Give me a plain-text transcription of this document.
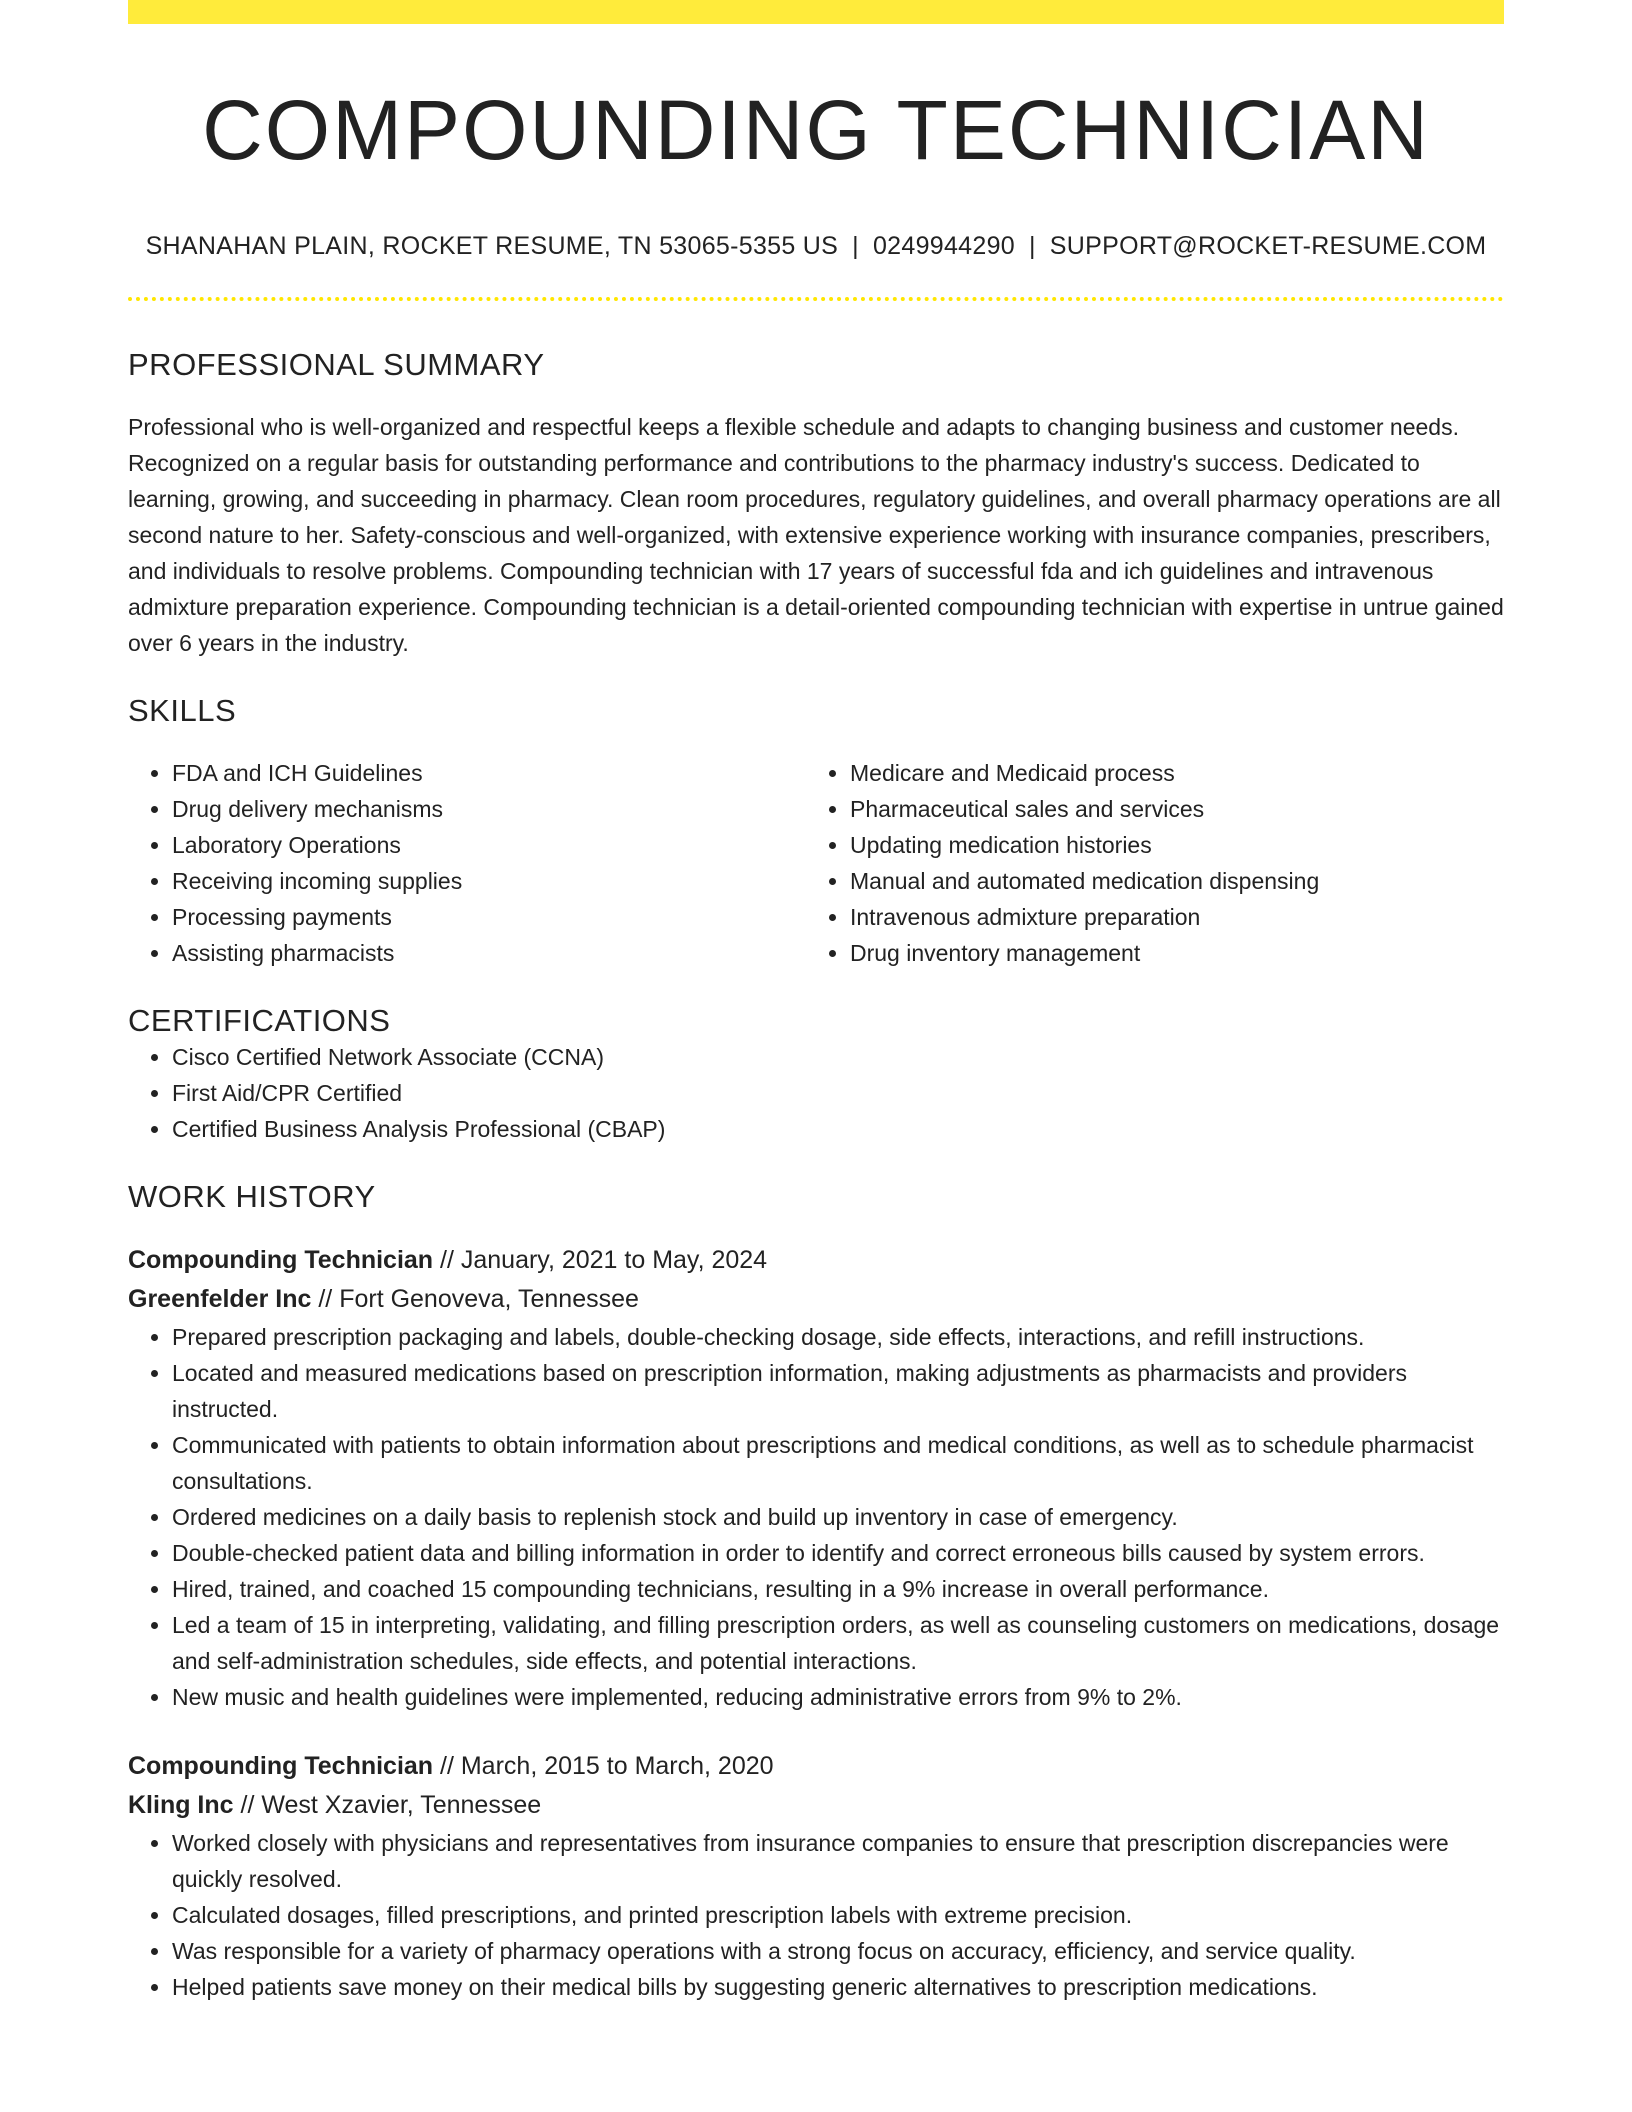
COMPOUNDING TECHNICIAN
SHANAHAN PLAIN, ROCKET RESUME, TN 53065-5355 US | 0249944290 | SUPPORT@ROCKET-RESUME.COM
PROFESSIONAL SUMMARY
Professional who is well-organized and respectful keeps a flexible schedule and adapts to changing business and customer needs. Recognized on a regular basis for outstanding performance and contributions to the pharmacy industry's success. Dedicated to learning, growing, and succeeding in pharmacy. Clean room procedures, regulatory guidelines, and overall pharmacy operations are all second nature to her. Safety-conscious and well-organized, with extensive experience working with insurance companies, prescribers, and individuals to resolve problems. Compounding technician with 17 years of successful fda and ich guidelines and intravenous admixture preparation experience. Compounding technician is a detail-oriented compounding technician with expertise in untrue gained over 6 years in the industry.
SKILLS
• FDA and ICH Guidelines
• Drug delivery mechanisms
• Laboratory Operations
• Receiving incoming supplies
• Processing payments
• Assisting pharmacists
• Medicare and Medicaid process
• Pharmaceutical sales and services
• Updating medication histories
• Manual and automated medication dispensing
• Intravenous admixture preparation
• Drug inventory management
CERTIFICATIONS
• Cisco Certified Network Associate (CCNA)
• First Aid/CPR Certified
• Certified Business Analysis Professional (CBAP)
WORK HISTORY
Compounding Technician // January, 2021 to May, 2024
Greenfelder Inc // Fort Genoveva, Tennessee
• Prepared prescription packaging and labels, double-checking dosage, side effects, interactions, and refill instructions.
• Located and measured medications based on prescription information, making adjustments as pharmacists and providers instructed.
• Communicated with patients to obtain information about prescriptions and medical conditions, as well as to schedule pharmacist consultations.
• Ordered medicines on a daily basis to replenish stock and build up inventory in case of emergency.
• Double-checked patient data and billing information in order to identify and correct erroneous bills caused by system errors.
• Hired, trained, and coached 15 compounding technicians, resulting in a 9% increase in overall performance.
• Led a team of 15 in interpreting, validating, and filling prescription orders, as well as counseling customers on medications, dosage and self-administration schedules, side effects, and potential interactions.
• New music and health guidelines were implemented, reducing administrative errors from 9% to 2%.
Compounding Technician // March, 2015 to March, 2020
Kling Inc // West Xzavier, Tennessee
• Worked closely with physicians and representatives from insurance companies to ensure that prescription discrepancies were quickly resolved.
• Calculated dosages, filled prescriptions, and printed prescription labels with extreme precision.
• Was responsible for a variety of pharmacy operations with a strong focus on accuracy, efficiency, and service quality.
• Helped patients save money on their medical bills by suggesting generic alternatives to prescription medications.
